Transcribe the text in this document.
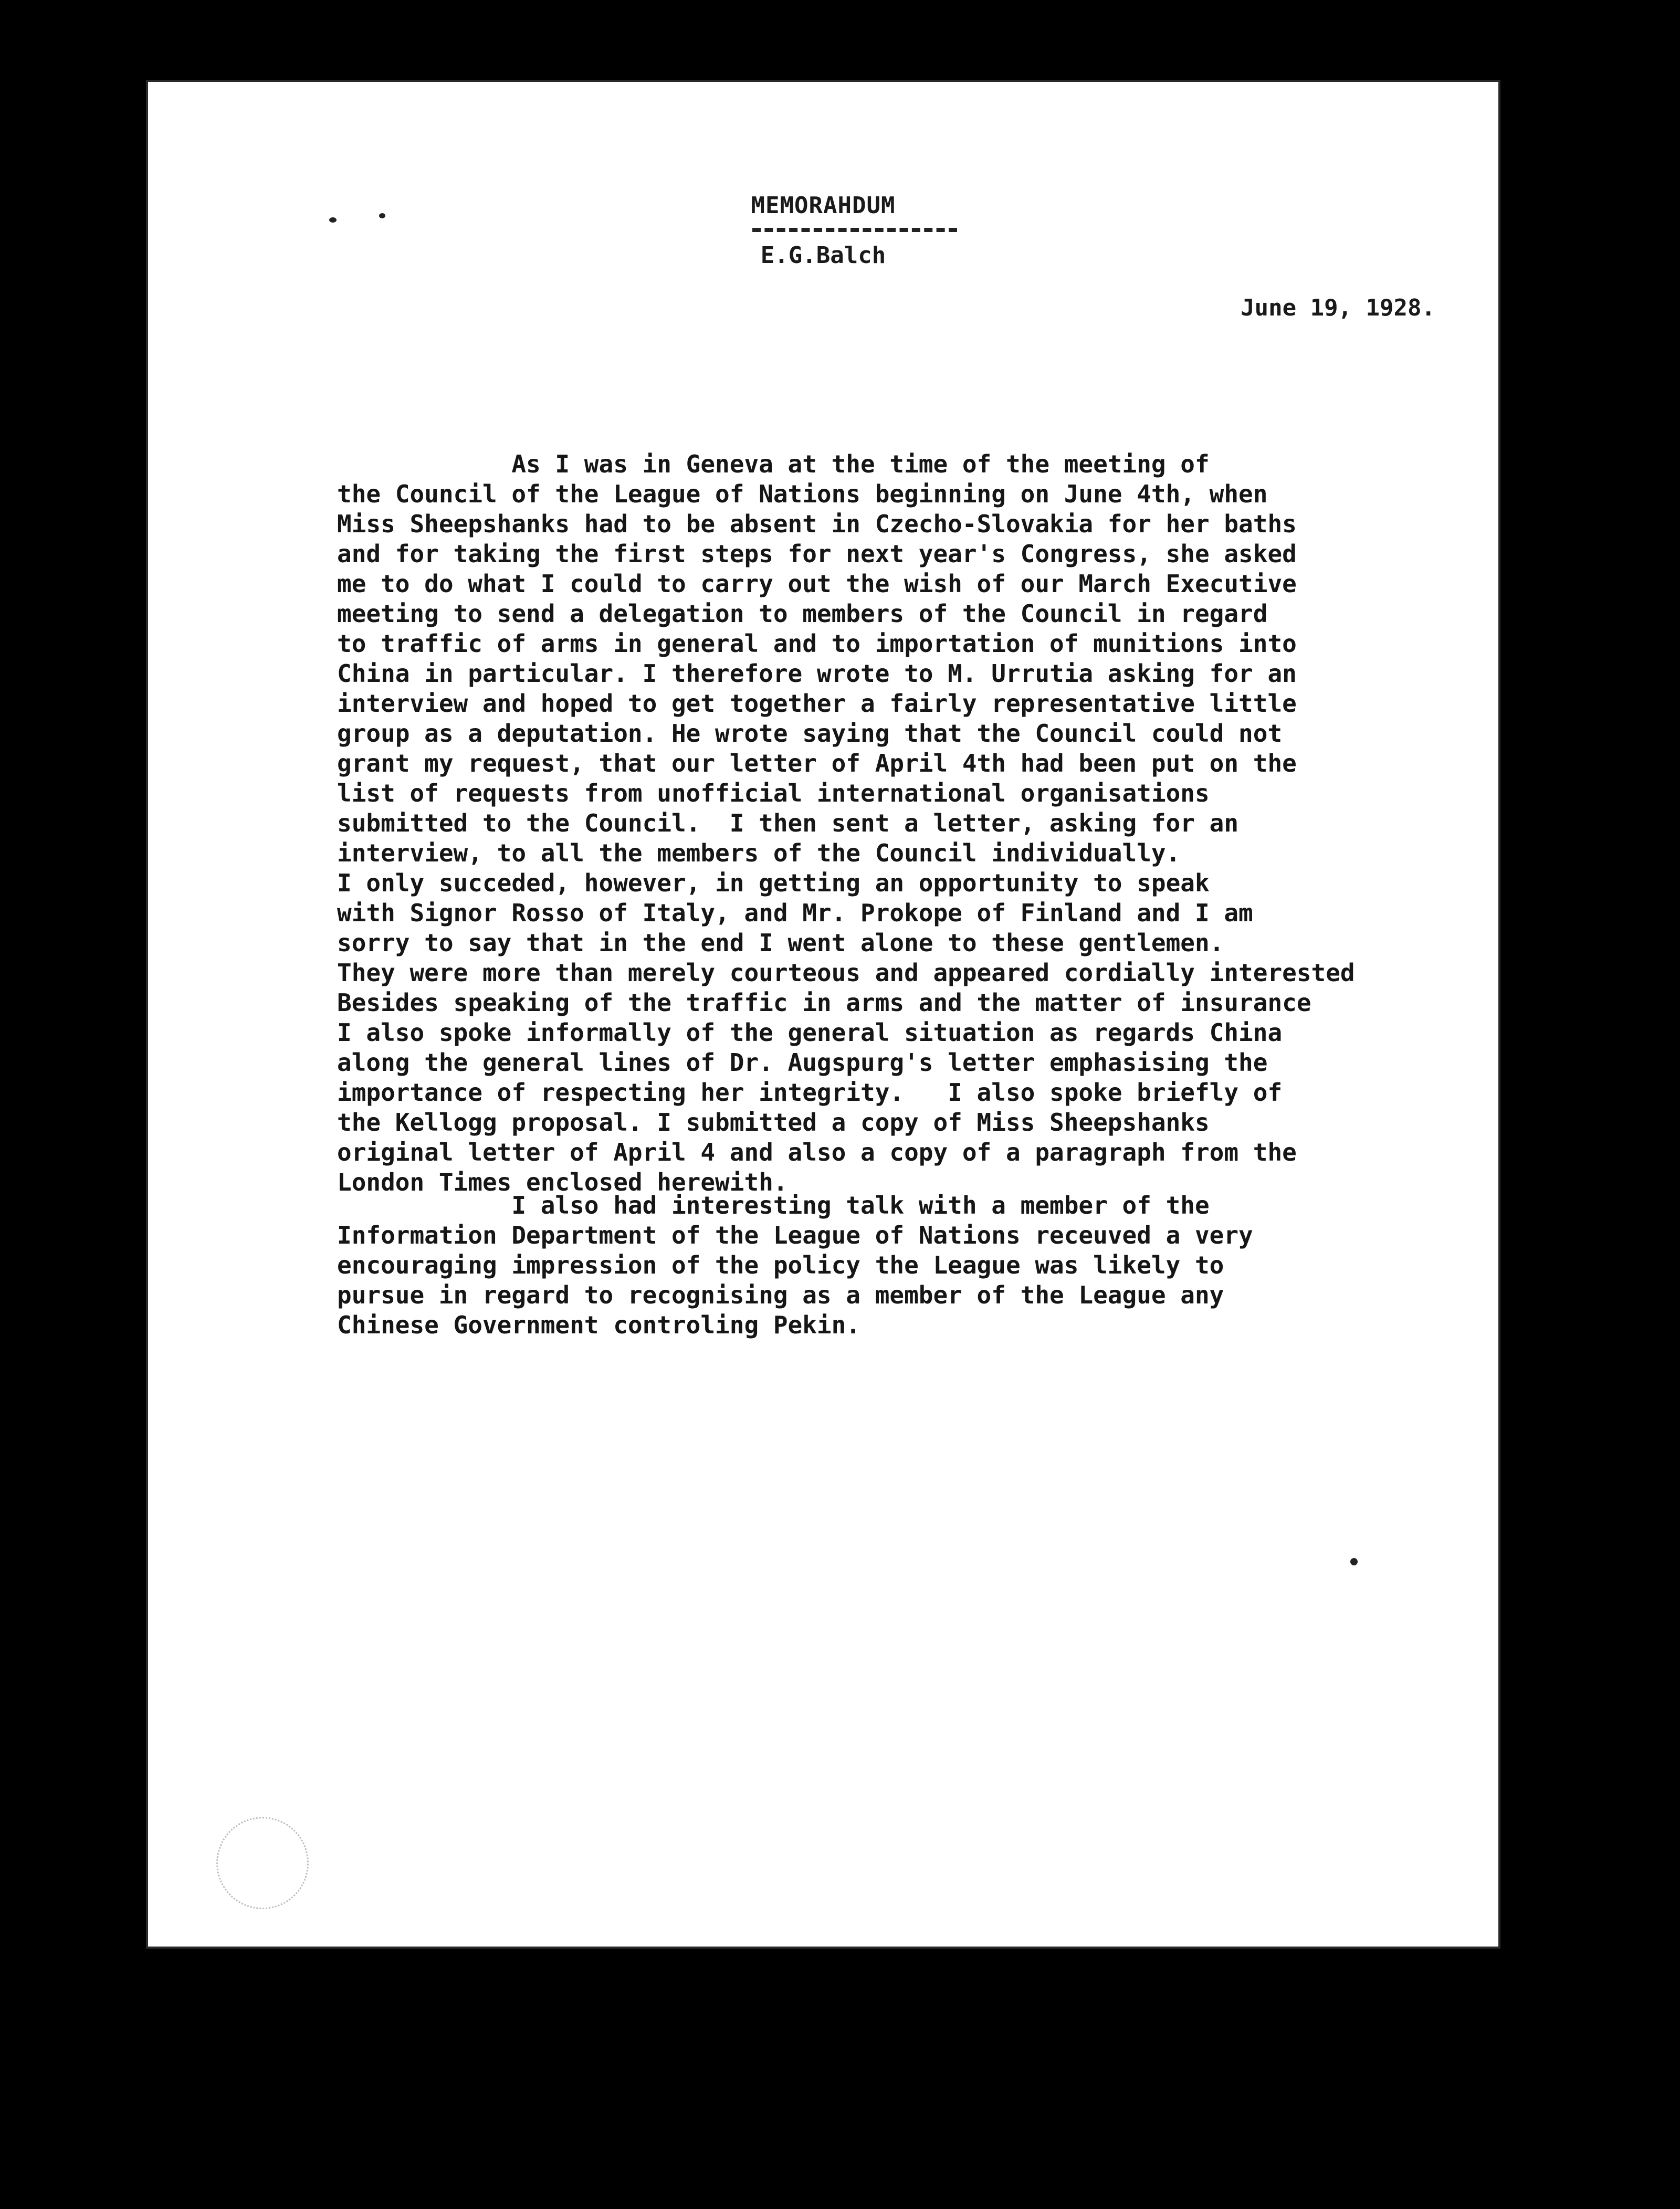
MEMORAHDUM
E.G.Balch
June 19, 1928.

As I was in Geneva at the time of the meeting of
the Council of the League of Nations beginning on June 4th, when
Miss Sheepshanks had to be absent in Czecho-Slovakia for her baths
and for taking the first steps for next year's Congress, she asked
me to do what I could to carry out the wish of our March Executive
meeting to send a delegation to members of the Council in regard
to traffic of arms in general and to importation of munitions into
China in particular. I therefore wrote to M. Urrutia asking for an
interview and hoped to get together a fairly representative little
group as a deputation. He wrote saying that the Council could not
grant my request, that our letter of April 4th had been put on the
list of requests from unofficial international organisations
submitted to the Council.  I then sent a letter, asking for an
interview, to all the members of the Council individually.
I only succeded, however, in getting an opportunity to speak
with Signor Rosso of Italy, and Mr. Prokope of Finland and I am
sorry to say that in the end I went alone to these gentlemen.
They were more than merely courteous and appeared cordially interested
Besides speaking of the traffic in arms and the matter of insurance
I also spoke informally of the general situation as regards China
along the general lines of Dr. Augspurg's letter emphasising the
importance of respecting her integrity.   I also spoke briefly of
the Kellogg proposal. I submitted a copy of Miss Sheepshanks
original letter of April 4 and also a copy of a paragraph from the
London Times enclosed herewith.

I also had interesting talk with a member of the
Information Department of the League of Nations receuved a very
encouraging impression of the policy the League was likely to
pursue in regard to recognising as a member of the League any
Chinese Government controling Pekin.
